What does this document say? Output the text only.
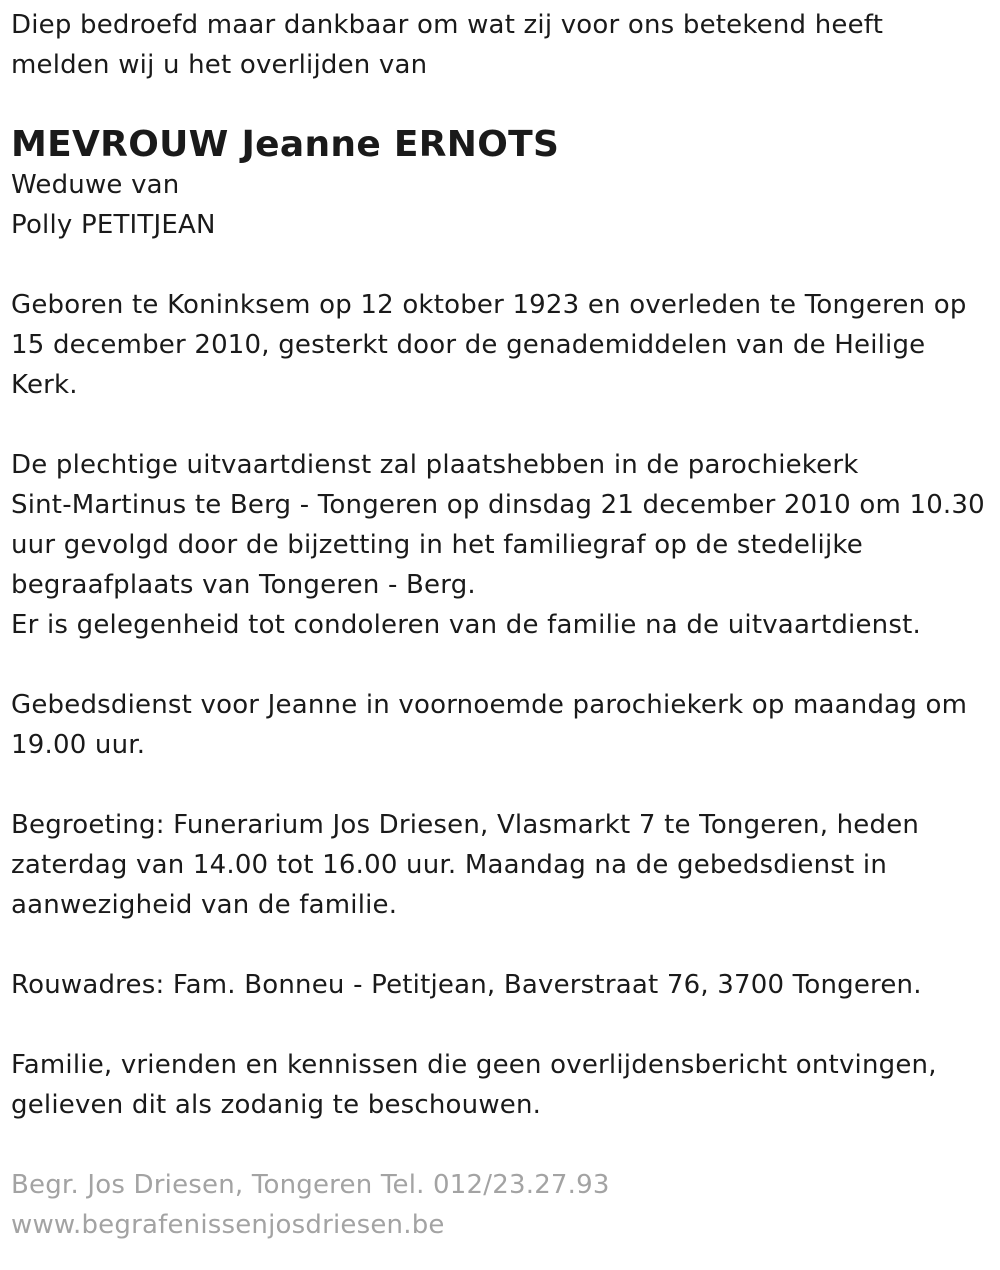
Diep bedroefd maar dankbaar om wat zij voor ons betekend heeft
melden wij u het overlijden van
MEVROUW Jeanne ERNOTS
Weduwe van
Polly PETITJEAN
Geboren te Koninksem op 12 oktober 1923 en overleden te Tongeren op
15 december 2010, gesterkt door de genademiddelen van de Heilige
Kerk.
De plechtige uitvaartdienst zal plaatshebben in de parochiekerk
Sint-Martinus te Berg - Tongeren op dinsdag 21 december 2010 om 10.30
uur gevolgd door de bijzetting in het familiegraf op de stedelijke
begraafplaats van Tongeren - Berg.
Er is gelegenheid tot condoleren van de familie na de uitvaartdienst.
Gebedsdienst voor Jeanne in voornoemde parochiekerk op maandag om
19.00 uur.
Begroeting: Funerarium Jos Driesen, Vlasmarkt 7 te Tongeren, heden
zaterdag van 14.00 tot 16.00 uur. Maandag na de gebedsdienst in
aanwezigheid van de familie.
Rouwadres: Fam. Bonneu - Petitjean, Baverstraat 76, 3700 Tongeren.
Familie, vrienden en kennissen die geen overlijdensbericht ontvingen,
gelieven dit als zodanig te beschouwen.
Begr. Jos Driesen, Tongeren Tel. 012/23.27.93
www.begrafenissenjosdriesen.be
